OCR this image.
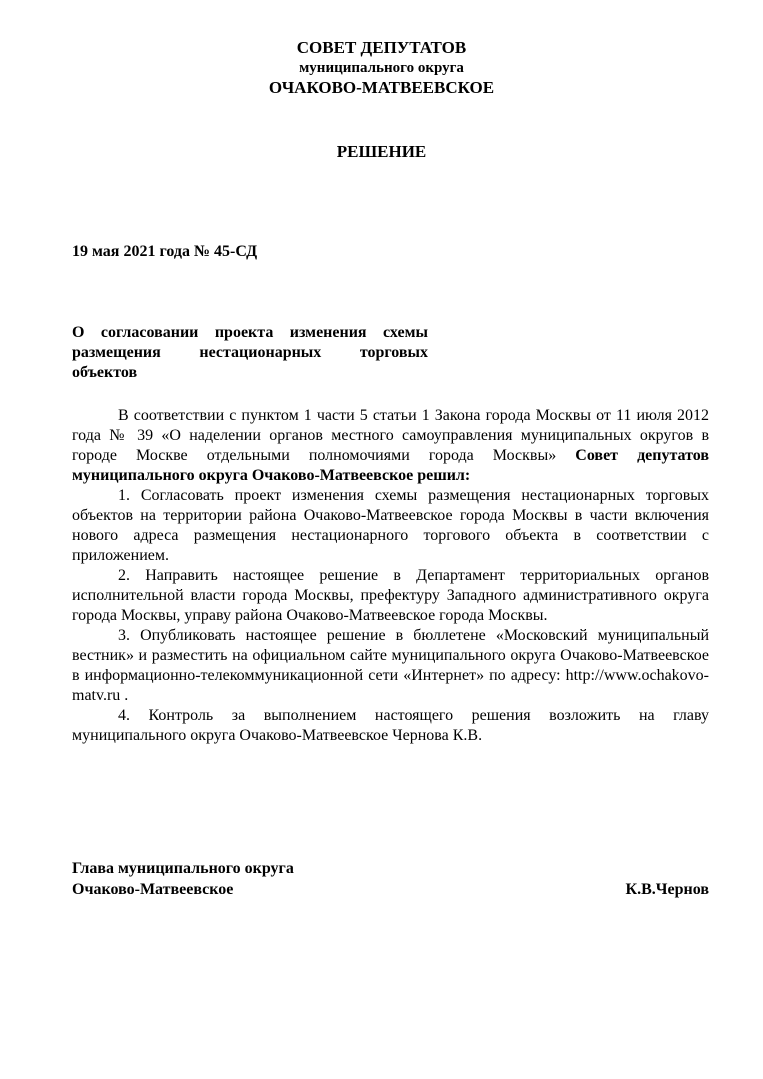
СОВЕТ ДЕПУТАТОВ
муниципального округа
ОЧАКОВО-МАТВЕЕВСКОЕ
РЕШЕНИЕ
19 мая 2021 года № 45-СД
О согласовании проекта изменения схемы размещения нестационарных торговых объектов

В соответствии с пунктом 1 части 5 статьи 1 Закона города Москвы от 11 июля 2012 года № 39 «О наделении органов местного самоуправления муниципальных округов в городе Москве отдельными полномочиями города Москвы» Совет депутатов муниципального округа Очаково-Матвеевское решил:

1. Согласовать проект изменения схемы размещения нестационарных торговых объектов на территории района Очаково-Матвеевское города Москвы в части включения нового адреса размещения нестационарного торгового объекта в соответствии с приложением.

2. Направить настоящее решение в Департамент территориальных органов исполнительной власти города Москвы, префектуру Западного административного округа города Москвы, управу района Очаково-Матвеевское города Москвы.

3. Опубликовать настоящее решение в бюллетене «Московский муниципальный вестник» и разместить на официальном сайте муниципального округа Очаково-Матвеевское в информационно-телекоммуникационной сети «Интернет» по адресу: http://www.ochakovo-matv.ru .

4. Контроль за выполнением настоящего решения возложить на главу муниципального округа Очаково-Матвеевское Чернова К.В.

Глава муниципального округа
Очаково-Матвеевское	К.В.Чернов
